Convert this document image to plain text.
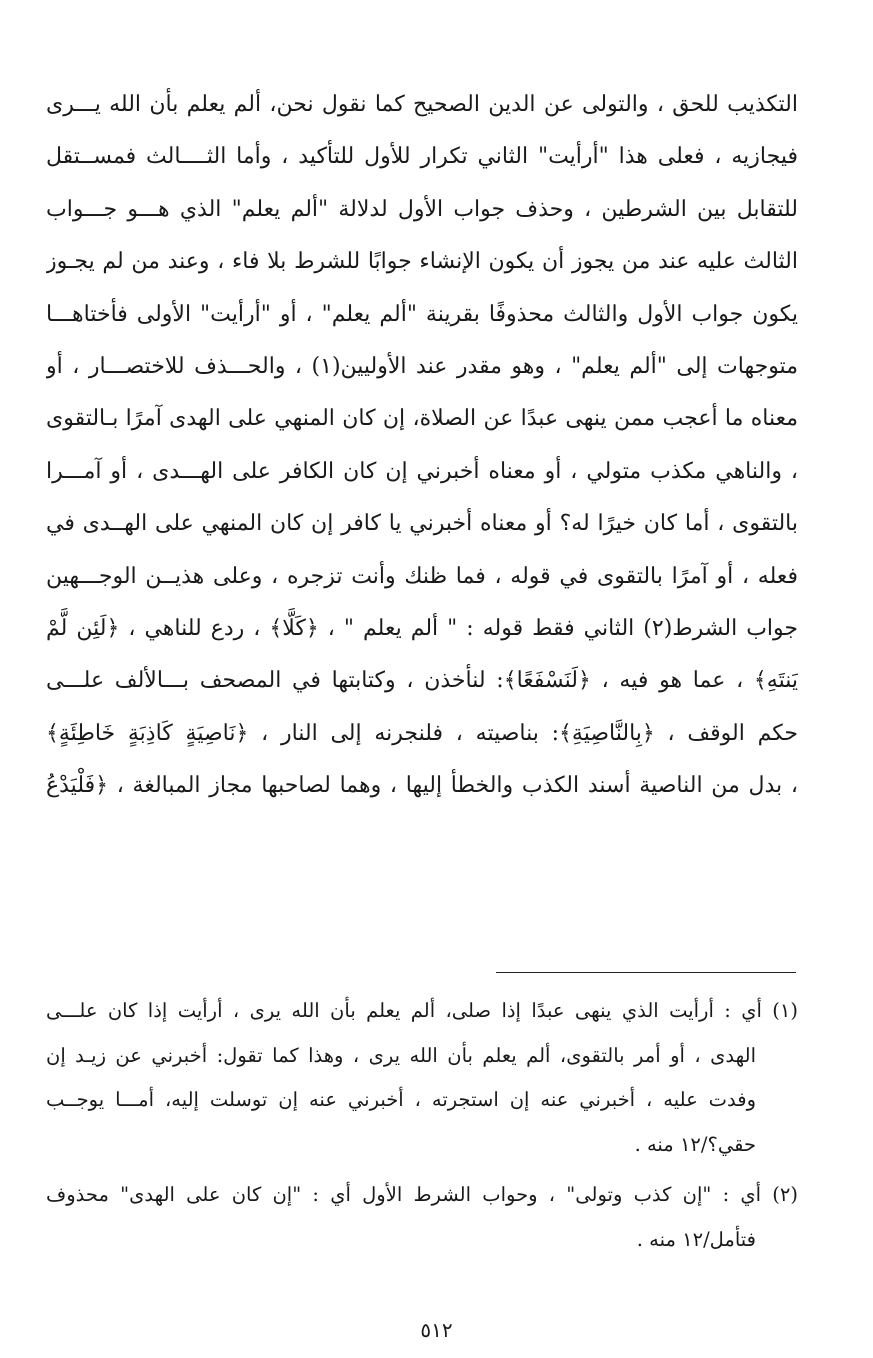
التكذيب للحق ، والتولى عن الدين الصحيح كما نقول نحن، ألم يعلم بأن الله يـــرى
فيجازيه ، فعلى هذا "أرأيت" الثاني تكرار للأول للتأكيد ، وأما الثــــالث فمســتقل
للتقابل بين الشرطين ، وحذف جواب الأول لدلالة "ألم يعلم" الذي هـــو جـــواب
الثالث عليه عند من يجوز أن يكون الإنشاء جوابًا للشرط بلا فاء ، وعند من لم يجـوز
يكون جواب الأول والثالث محذوفًا بقرينة "ألم يعلم" ، أو "أرأيت" الأولى فأختاهـــا
متوجهات إلى "ألم يعلم" ، وهو مقدر عند الأوليين(١) ، والحـــذف للاختصـــار ، أو
معناه ما أعجب ممن ينهى عبدًا عن الصلاة، إن كان المنهي على الهدى آمرًا بـالتقوى
، والناهي مكذب متولي ، أو معناه أخبرني إن كان الكافر على الهـــدى ، أو آمـــرا
بالتقوى ، أما كان خيرًا له؟ أو معناه أخبرني يا كافر إن كان المنهي على الهــدى في
فعله ، أو آمرًا بالتقوى في قوله ، فما ظنك وأنت تزجره ، وعلى هذيــن الوجـــهين
جواب الشرط(٢) الثاني فقط قوله : " ألم يعلم " ، ﴿كَلَّا﴾ ، ردع للناهي ، ﴿لَئِن لَّمْ
يَنتَهِ﴾ ، عما هو فيه ، ﴿لَنَسْفَعًا﴾: لنأخذن ، وكتابتها في المصحف بـــالألف علـــى
حكم الوقف ، ﴿بِالنَّاصِيَةِ﴾: بناصيته ، فلنجرنه إلى النار ، ﴿نَاصِيَةٍ كَاذِبَةٍ خَاطِئَةٍ﴾
، بدل من الناصية أسند الكذب والخطأ إليها ، وهما لصاحبها مجاز المبالغة ، ﴿فَلْيَدْعُ
(١) أي : أرأيت الذي ينهى عبدًا إذا صلى، ألم يعلم بأن الله يرى ، أرأيت إذا كان علـــى
الهدى ، أو أمر بالتقوى، ألم يعلم بأن الله يرى ، وهذا كما تقول: أخبرني عن زيـد إن
وفدت عليه ، أخبرني عنه إن استجرته ، أخبرني عنه إن توسلت إليه، أمـــا يوجــب
حقي؟/١٢ منه .
(٢) أي : "إن كذب وتولى" ، وحواب الشرط الأول أي : "إن كان على الهدى" محذوف
فتأمل/١٢ منه .
٥١٢
